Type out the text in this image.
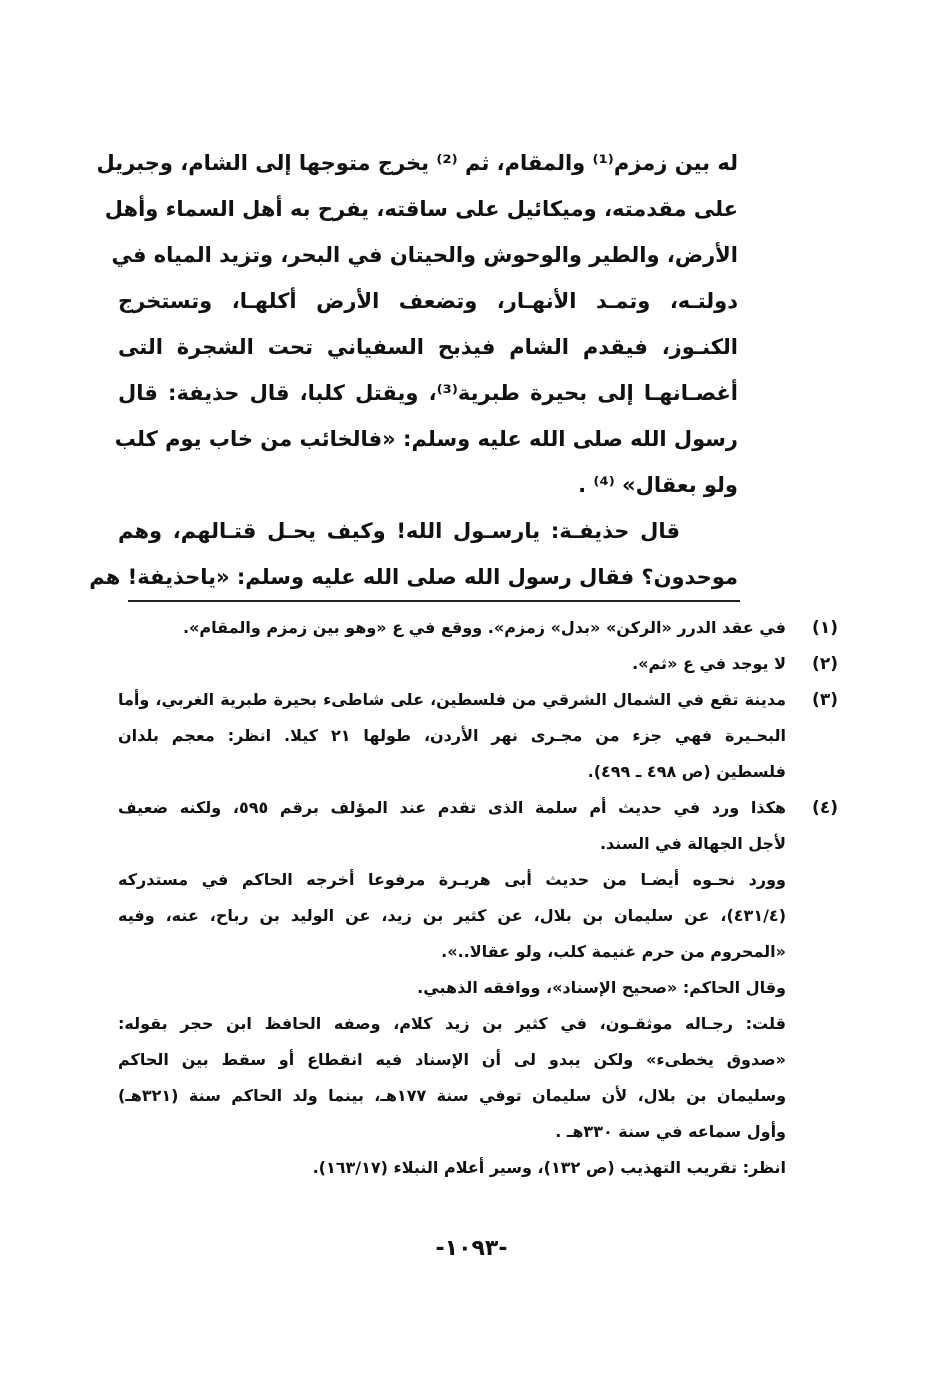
له بين زمزم⁽¹⁾ والمقام، ثم ⁽²⁾ يخرج متوجها إلى الشام، وجبريل
على مقدمته، وميكائيل على ساقته، يفرح به أهل السماء وأهل
الأرض، والطير والوحوش والحيتان في البحر، وتزيد المياه في
دولتـه، وتمـد الأنهـار، وتضعف الأرض أكلهـا، وتستخرج
الكنـوز، فيقدم الشام فيذبح السفياني تحت الشجرة التى
أغصـانهـا إلى بحيرة طبرية⁽³⁾، ويقتل كلبا، قال حذيفة: قال
رسول الله صلى الله عليه وسلم: «فالخائب من خاب يوم كلب
ولو بعقال» ⁽⁴⁾ .
قال حذيفـة: يارسـول الله! وكيف يحـل قتـالهم، وهم
موحدون؟ فقال رسول الله صلى الله عليه وسلم: «ياحذيفة! هم
(١)
في عقد الدرر «الركن» «بدل» زمزم». ووقع في ع «وهو بين زمزم والمقام».
(٢)
لا يوجد في ع «ثم».
(٣)
مدينة تقع في الشمال الشرقي من فلسطين، على شاطىء بحيرة طبرية الغربي، وأما
البحـيرة فهي جزء من مجـرى نهر الأردن، طولها ٢١ كيلا. انظر: معجم بلدان
فلسطين (ص ٤٩٨ ـ ٤٩٩).
(٤)
هكذا ورد في حديث أم سلمة الذى تقدم عند المؤلف برقم ٥٩٥، ولكنه ضعيف
لأجل الجهالة في السند.
وورد نحـوه أيضـا من حديث أبى هريـرة مرفوعا أخرجه الحاكم في مستدركه
(٤٣١/٤)، عن سليمان بن بلال، عن كثير بن زيد، عن الوليد بن رباح، عنه، وفيه
«المحروم من حرم غنيمة كلب، ولو عقالا..».
وقال الحاكم: «صحيح الإسناد»، ووافقه الذهبي.
قلت: رجـاله موثقـون، في كثير بن زيد كلام، وصفه الحافظ ابن حجر بقوله:
«صدوق يخطىء» ولكن يبدو لى أن الإسناد فيه انقطاع أو سقط بين الحاكم
وسليمان بن بلال، لأن سليمان توفي سنة ١٧٧هـ، بينما ولد الحاكم سنة (٣٢١هـ)
وأول سماعه في سنة ٣٣٠هـ .
انظر: تقريب التهذيب (ص ١٣٢)، وسير أعلام النبلاء (١٦٣/١٧).
-١٠٩٣-
